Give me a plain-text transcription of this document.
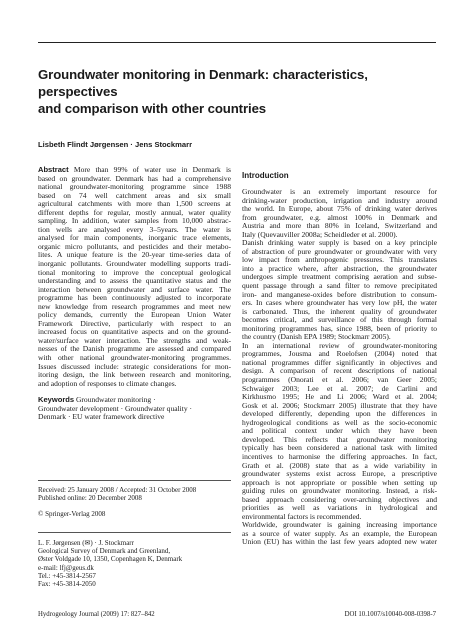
Groundwater monitoring in Denmark: characteristics, perspectives
and comparison with other countries
Lisbeth Flindt Jørgensen · Jens Stockmarr
Abstract More than 99% of water use in Denmark is
based on groundwater. Denmark has had a comprehensive
national groundwater-monitoring programme since 1988
based on 74 well catchment areas and six small
agricultural catchments with more than 1,500 screens at
different depths for regular, mostly annual, water quality
sampling. In addition, water samples from 10,000 abstrac-
tion wells are analysed every 3–5years. The water is
analysed for main components, inorganic trace elements,
organic micro pollutants, and pesticides and their metabo-
lites. A unique feature is the 20-year time-series data of
inorganic pollutants. Groundwater modelling supports tradi-
tional monitoring to improve the conceptual geological
understanding and to assess the quantitative status and the
interaction between groundwater and surface water. The
programme has been continuously adjusted to incorporate
new knowledge from research programmes and meet new
policy demands, currently the European Union Water
Framework Directive, particularly with respect to an
increased focus on quantitative aspects and on the ground-
water/surface water interaction. The strengths and weak-
nesses of the Danish programme are assessed and compared
with other national groundwater-monitoring programmes.
Issues discussed include: strategic considerations for mon-
itoring design, the link between research and monitoring,
and adoption of responses to climate changes.
Keywords Groundwater monitoring ·
Groundwater development · Groundwater quality ·
Denmark · EU water framework directive
Received: 25 January 2008 / Accepted: 31 October 2008
Published online: 20 December 2008
© Springer-Verlag 2008
L. F. Jørgensen (✉) · J. Stockmarr
Geological Survey of Denmark and Greenland,
Øster Voldgade 10, 1350, Copenhagen K, Denmark
e-mail: lfj@geus.dk
Tel.: +45-3814-2567
Fax: +45-3814-2050
Introduction
Groundwater is an extremely important resource for
drinking-water production, irrigation and industry around
the world. In Europe, about 75% of drinking water derives
from groundwater, e.g. almost 100% in Denmark and
Austria and more than 80% in Iceland, Switzerland and
Italy (Quevauviller 2008a; Scheidleder et al. 2000).
Danish drinking water supply is based on a key principle
of abstraction of pure groundwater or groundwater with very
low impact from anthropogenic pressures. This translates
into a practice where, after abstraction, the groundwater
undergoes simple treatment comprising aeration and subse-
quent passage through a sand filter to remove precipitated
iron- and manganese-oxides before distribution to consum-
ers. In cases where groundwater has very low pH, the water
is carbonated. Thus, the inherent quality of groundwater
becomes critical, and surveillance of this through formal
monitoring programmes has, since 1988, been of priority to
the country (Danish EPA 1989; Stockmarr 2005).
In an international review of groundwater-monitoring
programmes, Jousma and Roelofsen (2004) noted that
national programmes differ significantly in objectives and
design. A comparison of recent descriptions of national
programmes (Onorati et al. 2006; van Geer 2005;
Schwaiger 2003; Lee et al. 2007; de Carlini and
Kirkhusmo 1995; He and Li 2006; Ward et al. 2004;
Gosk et al. 2006; Stockmarr 2005) illustrate that they have
developed differently, depending upon the differences in
hydrogeological conditions as well as the socio-economic
and political context under which they have been
developed. This reflects that groundwater monitoring
typically has been considered a national task with limited
incentives to harmonise the differing approaches. In fact,
Grath et al. (2008) state that as a wide variability in
groundwater systems exist across Europe, a prescriptive
approach is not appropriate or possible when setting up
guiding rules on groundwater monitoring. Instead, a risk-
based approach considering over-arching objectives and
priorities as well as variations in hydrological and
environmental factors is recommended.
Worldwide, groundwater is gaining increasing importance
as a source of water supply. As an example, the European
Union (EU) has within the last few years adopted new water
Hydrogeology Journal (2009) 17: 827–842	DOI 10.1007/s10040-008-0398-7
